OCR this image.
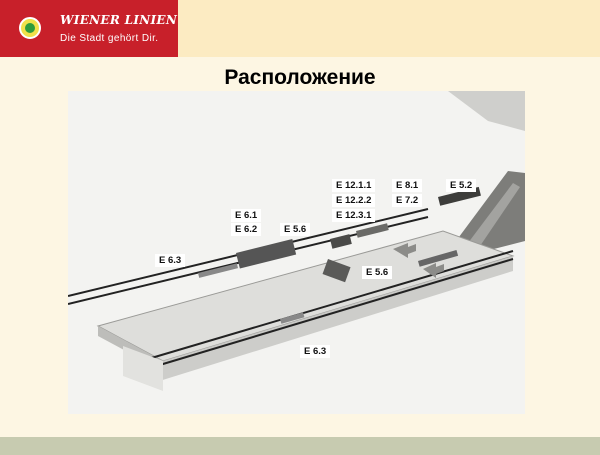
WIENER LINIEN
Die Stadt gehört Dir.
Расположение
E 12.1.1
E 12.2.2
E 12.3.1
E 8.1
E 7.2
E 5.2
E 6.1
E 6.2	E 5.6
E 6.3
E 5.6
E 6.3
